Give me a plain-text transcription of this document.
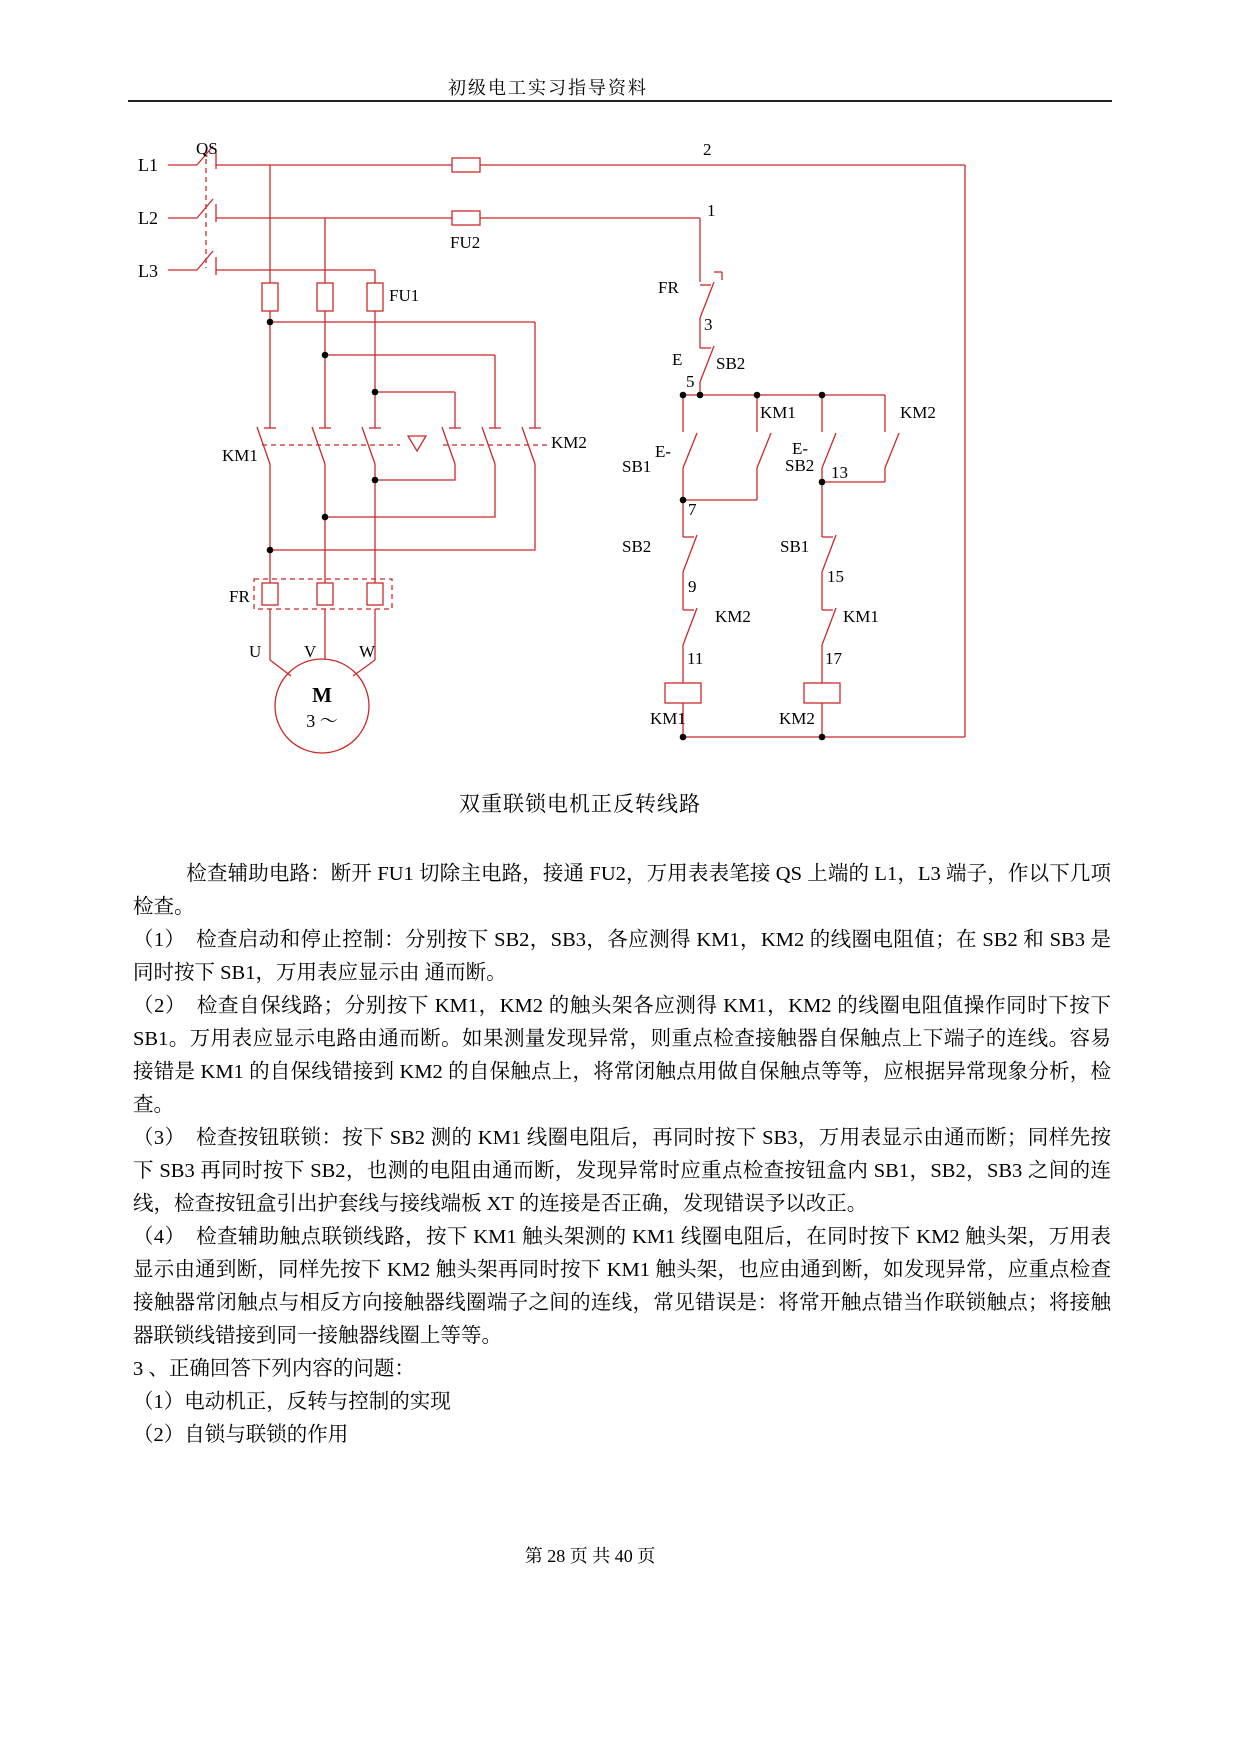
初级电工实习指导资料
QS
L1
L2
L3
2
1
FU2
FU1
KM1
KM2
FR
U	V	W
M
3 ～
FR
3
E SB2
5
E-
SB1
KM1
E-
SB2 13
KM2
7
SB2
9
KM2
11
KM1
SB1
15
KM1
17
KM2
双重联锁电机正反转线路

检查辅助电路：断开 FU1 切除主电路，接通 FU2，万用表表笔接 QS 上端的 L1，L3 端子，作以下几项检查。

（1）　检查启动和停止控制：分别按下 SB2，SB3，各应测得 KM1，KM2 的线圈电阻值；在 SB2 和 SB3 是同时按下 SB1，万用表应显示由 通而断。

（2）　检查自保线路；分别按下 KM1，KM2 的触头架各应测得 KM1，KM2 的线圈电阻值操作同时下按下 SB1。万用表应显示电路由通而断。如果测量发现异常，则重点检查接触器自保触点上下端子的连线。容易接错是 KM1 的自保线错接到 KM2 的自保触点上，将常闭触点用做自保触点等等，应根据异常现象分析，检查。

（3）　检查按钮联锁：按下 SB2 测的 KM1 线圈电阻后，再同时按下 SB3，万用表显示由通而断；同样先按下 SB3 再同时按下 SB2，也测的电阻由通而断，发现异常时应重点检查按钮盒内 SB1，SB2，SB3 之间的连线，检查按钮盒引出护套线与接线端板 XT 的连接是否正确，发现错误予以改正。

（4）　检查辅助触点联锁线路，按下 KM1 触头架测的 KM1 线圈电阻后，在同时按下 KM2 触头架，万用表显示由通到断，同样先按下 KM2 触头架再同时按下 KM1 触头架，也应由通到断，如发现异常，应重点检查接触器常闭触点与相反方向接触器线圈端子之间的连线，常见错误是：将常开触点错当作联锁触点；将接触器联锁线错接到同一接触器线圈上等等。

3 、正确回答下列内容的问题：

（1）电动机正，反转与控制的实现

（2）自锁与联锁的作用

第 28 页 共 40 页
